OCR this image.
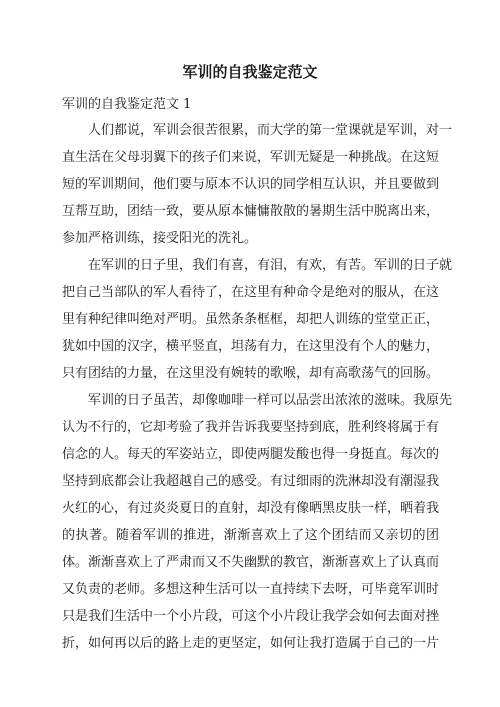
军训的自我鉴定范文
军训的自我鉴定范文 1
人们都说，军训会很苦很累，而大学的第一堂课就是军训，对一
直生活在父母羽翼下的孩子们来说，军训无疑是一种挑战。在这短
短的军训期间，他们要与原本不认识的同学相互认识，并且要做到
互帮互助，团结一致，要从原本慵慵散散的暑期生活中脱离出来，
参加严格训练，接受阳光的洗礼。
在军训的日子里，我们有喜，有泪，有欢，有苦。军训的日子就
把自己当部队的军人看待了，在这里有种命令是绝对的服从，在这
里有种纪律叫绝对严明。虽然条条框框，却把人训练的堂堂正正，
犹如中国的汉字，横平竖直，坦荡有力，在这里没有个人的魅力，
只有团结的力量，在这里没有婉转的歌喉，却有高歌荡气的回肠。
军训的日子虽苦，却像咖啡一样可以品尝出浓浓的滋味。我原先
认为不行的，它却考验了我并告诉我要坚持到底，胜利终将属于有
信念的人。每天的军姿站立，即使两腿发酸也得一身挺直。每次的
坚持到底都会让我超越自己的感受。有过细雨的洗淋却没有潮湿我
火红的心，有过炎炎夏日的直射，却没有像晒黑皮肤一样，晒着我
的执著。随着军训的推进，渐渐喜欢上了这个团结而又亲切的团
体。渐渐喜欢上了严肃而又不失幽默的教官，渐渐喜欢上了认真而
又负责的老师。多想这种生活可以一直持续下去呀，可毕竟军训时
只是我们生活中一个小片段，可这个小片段让我学会如何去面对挫
折，如何再以后的路上走的更坚定，如何让我打造属于自己的一片
